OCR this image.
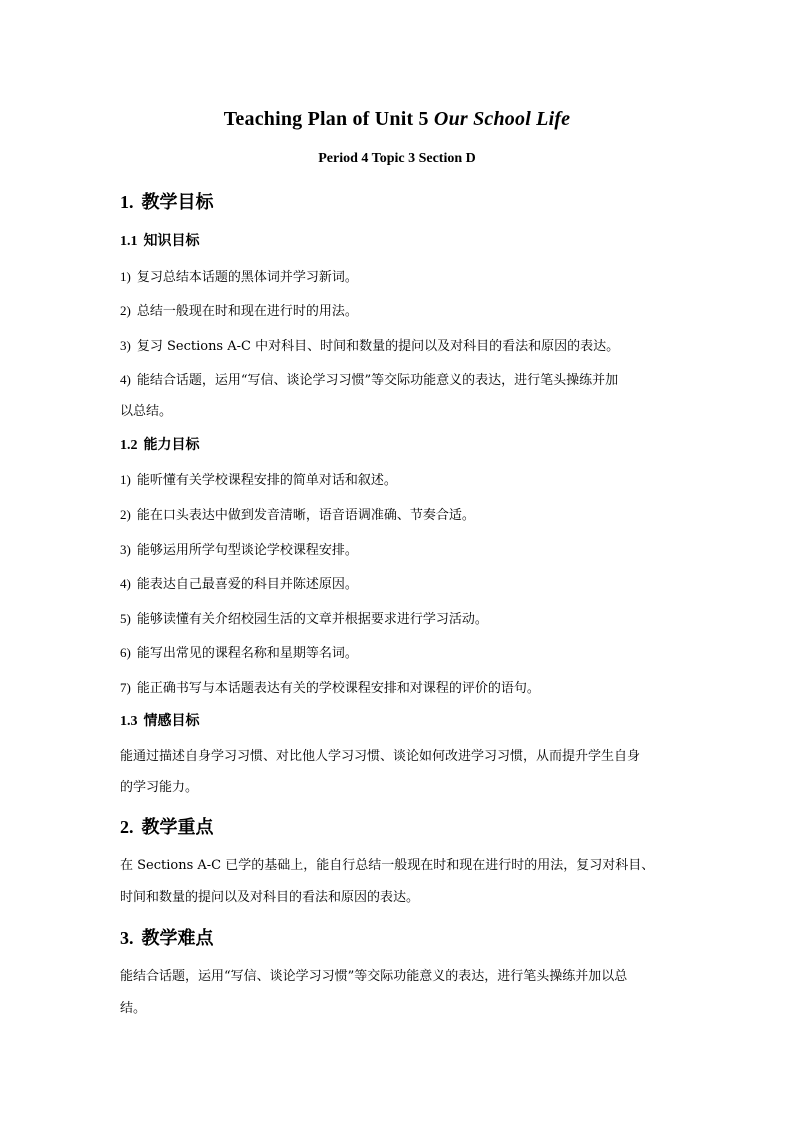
Teaching Plan of Unit 5 Our School Life
Period 4 Topic 3 Section D
1. 教学目标
1.1 知识目标
1) 复习总结本话题的黑体词并学习新词。
2) 总结一般现在时和现在进行时的用法。
3) 复习 Sections A-C 中对科目、时间和数量的提问以及对科目的看法和原因的表达。
4) 能结合话题，运用“写信、谈论学习习惯”等交际功能意义的表达，进行笔头操练并加
以总结。
1.2 能力目标
1) 能听懂有关学校课程安排的简单对话和叙述。
2) 能在口头表达中做到发音清晰，语音语调准确、节奏合适。
3) 能够运用所学句型谈论学校课程安排。
4) 能表达自己最喜爱的科目并陈述原因。
5) 能够读懂有关介绍校园生活的文章并根据要求进行学习活动。
6) 能写出常见的课程名称和星期等名词。
7) 能正确书写与本话题表达有关的学校课程安排和对课程的评价的语句。
1.3 情感目标
能通过描述自身学习习惯、对比他人学习习惯、谈论如何改进学习习惯，从而提升学生自身
的学习能力。
2. 教学重点
在 Sections A-C 已学的基础上，能自行总结一般现在时和现在进行时的用法，复习对科目、
时间和数量的提问以及对科目的看法和原因的表达。
3. 教学难点
能结合话题，运用“写信、谈论学习习惯”等交际功能意义的表达，进行笔头操练并加以总
结。
